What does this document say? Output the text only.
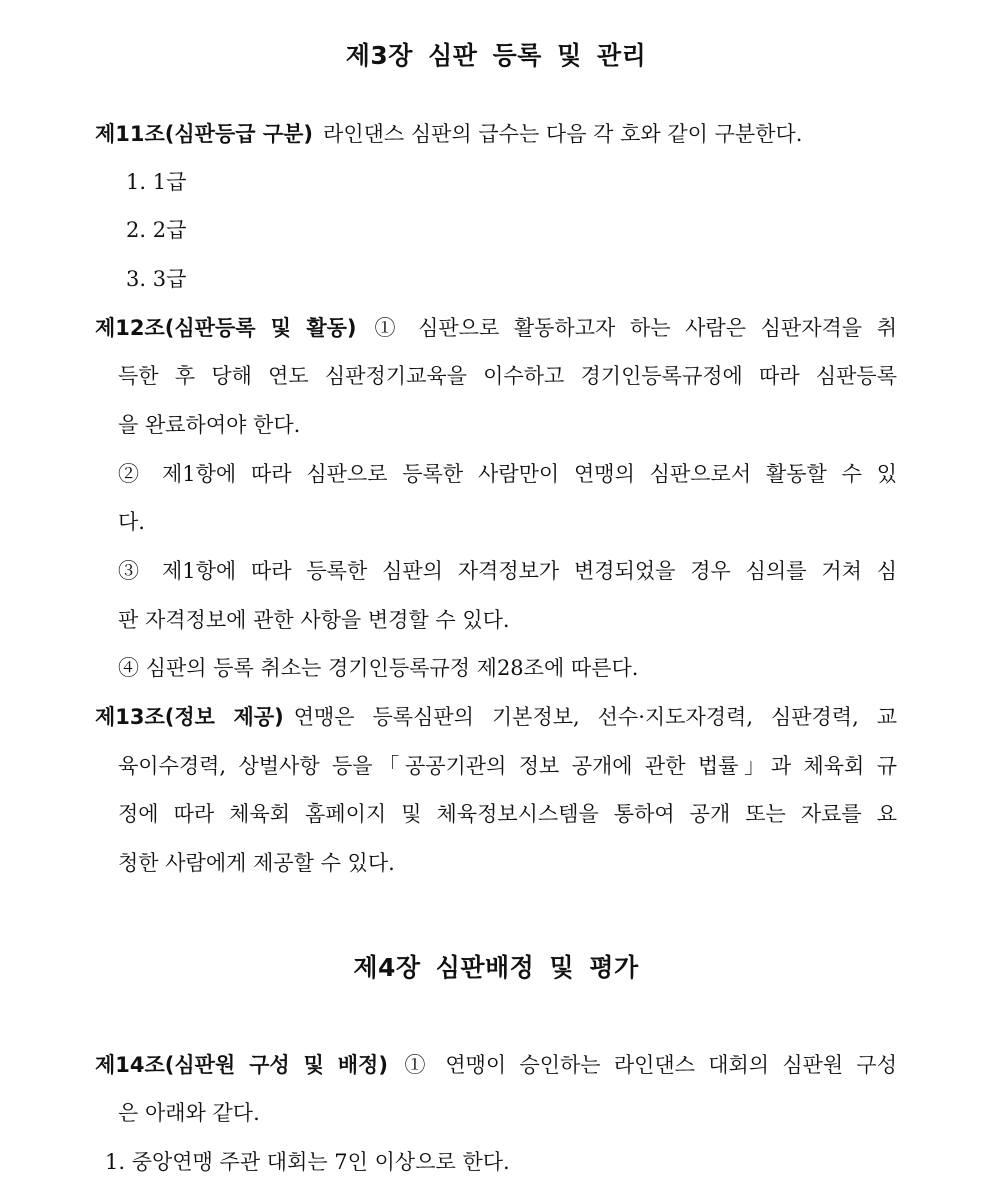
제3장 심판 등록 및 관리
제11조(심판등급 구분) 라인댄스 심판의 급수는 다음 각 호와 같이 구분한다.
1. 1급
2. 2급
3. 3급
제12조(심판등록 및 활동) ① 심판으로 활동하고자 하는 사람은 심판자격을 취
득한 후 당해 연도 심판정기교육을 이수하고 경기인등록규정에 따라 심판등록
을 완료하여야 한다.
② 제1항에 따라 심판으로 등록한 사람만이 연맹의 심판으로서 활동할 수 있
다.
③ 제1항에 따라 등록한 심판의 자격정보가 변경되었을 경우 심의를 거쳐 심
판 자격정보에 관한 사항을 변경할 수 있다.
④ 심판의 등록 취소는 경기인등록규정 제28조에 따른다.
제13조(정보 제공) 연맹은 등록심판의 기본정보, 선수·지도자경력, 심판경력, 교
육이수경력, 상벌사항 등을「공공기관의 정보 공개에 관한 법률」과 체육회 규
정에 따라 체육회 홈페이지 및 체육정보시스템을 통하여 공개 또는 자료를 요
청한 사람에게 제공할 수 있다.
제4장 심판배정 및 평가
제14조(심판원 구성 및 배정) ① 연맹이 승인하는 라인댄스 대회의 심판원 구성
은 아래와 같다.
1. 중앙연맹 주관 대회는 7인 이상으로 한다.
